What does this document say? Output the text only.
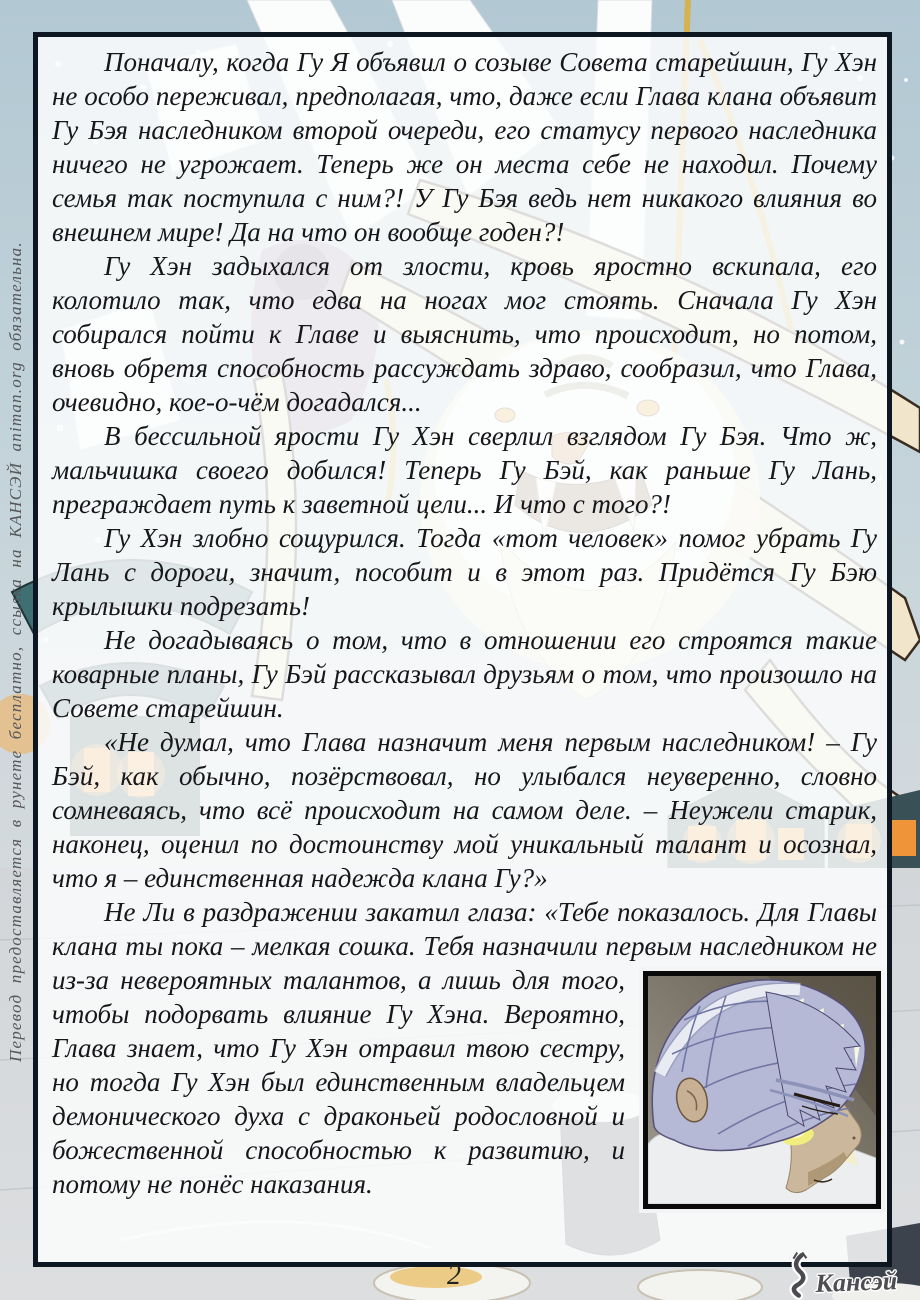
Поначалу, когда Гу Я объявил о созыве Совета старейшин, Гу Хэн не особо переживал, предполагая, что, даже если Глава клана объявит Гу Бэя наследником второй очереди, его статусу первого наследника ничего не угрожает. Теперь же он места себе не находил. Почему семья так поступила с ним?! У Гу Бэя ведь нет никакого влияния во внешнем мире! Да на что он вообще годен?!

Гу Хэн задыхался от злости, кровь яростно вскипала, его колотило так, что едва на ногах мог стоять. Сначала Гу Хэн собирался пойти к Главе и выяснить, что происходит, но потом, вновь обретя способность рассуждать здраво, сообразил, что Глава, очевидно, кое-о-чём догадался...

В бессильной ярости Гу Хэн сверлил взглядом Гу Бэя. Что ж, мальчишка своего добился! Теперь Гу Бэй, как раньше Гу Лань, преграждает путь к заветной цели... И что с того?!

Гу Хэн злобно сощурился. Тогда «тот человек» помог убрать Гу Лань с дороги, значит, пособит и в этот раз. Придётся Гу Бэю крылышки подрезать!

Не догадываясь о том, что в отношении его строятся такие коварные планы, Гу Бэй рассказывал друзьям о том, что произошло на Совете старейшин.

«Не думал, что Глава назначит меня первым наследником! – Гу Бэй, как обычно, позёрствовал, но улыбался неуверенно, словно сомневаясь, что всё происходит на самом деле. – Неужели старик, наконец, оценил по достоинству мой уникальный талант и осознал, что я – единственная надежда клана Гу?»

Не Ли в раздражении закатил глаза: «Тебе показалось. Для Главы клана ты пока – мелкая сошка. Тебя назначили первым наследником не
из-за невероятных талантов, а лишь для того, чтобы подорвать влияние Гу Хэна. Вероятно, Глава знает, что Гу Хэн отравил твою сестру, но тогда Гу Хэн был единственным владельцем демонического духа с драконьей родословной и божественной способностью к развитию, и потому не понёс наказания.

Перевод предоставляется в рунете бесплатно, ссылка на КАНСЭЙ animan.org обязательна.
2	Кансэй
